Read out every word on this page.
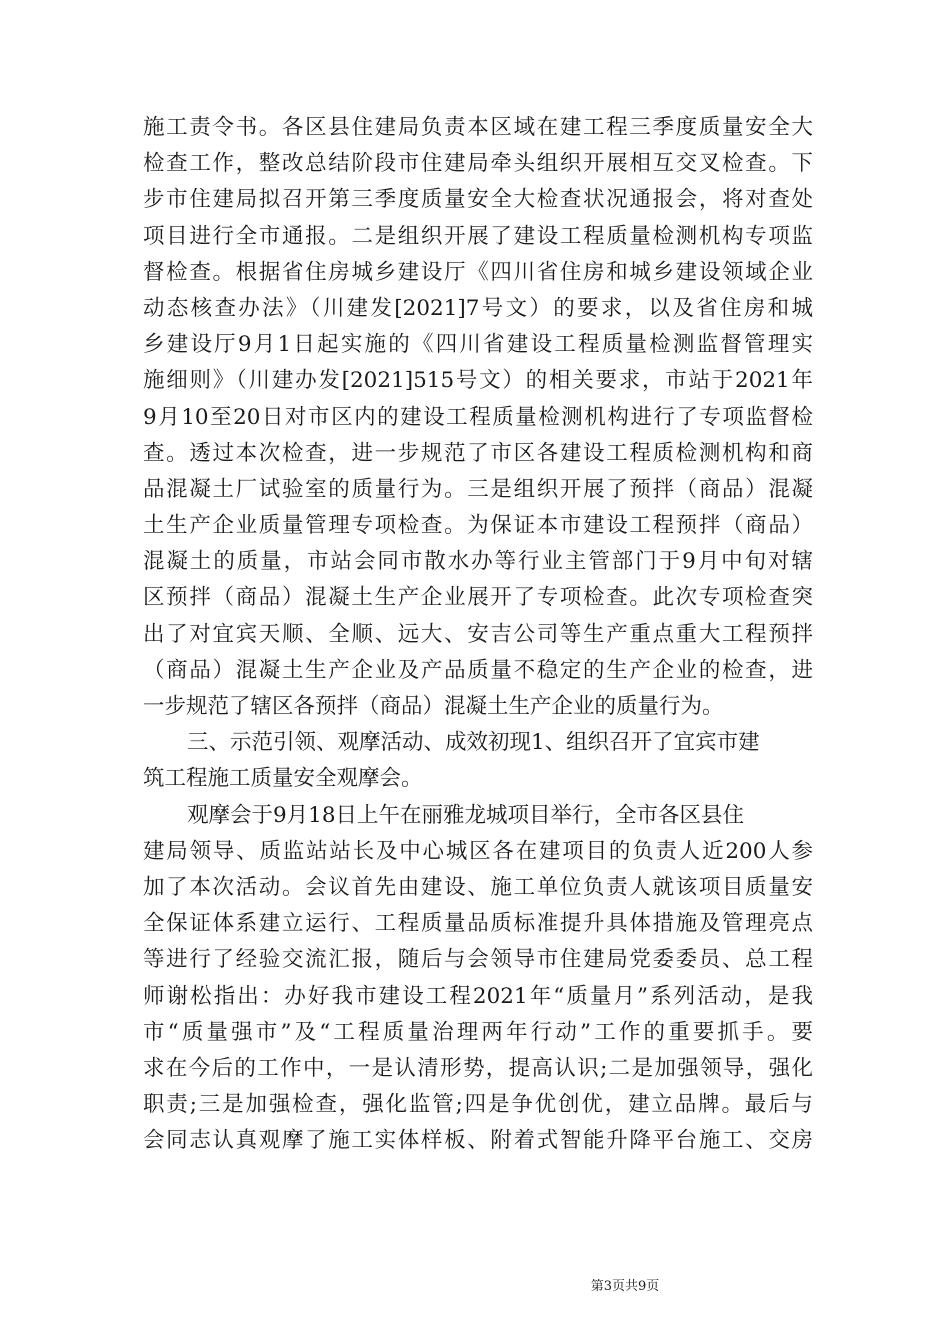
施工责令书。各区县住建局负责本区域在建工程三季度质量安全大
检查工作，整改总结阶段市住建局牵头组织开展相互交叉检查。下
步市住建局拟召开第三季度质量安全大检查状况通报会，将对查处
项目进行全市通报。二是组织开展了建设工程质量检测机构专项监
督检查。根据省住房城乡建设厅《四川省住房和城乡建设领域企业
动态核查办法》（川建发[2021]7号文）的要求，以及省住房和城
乡建设厅9月1日起实施的《四川省建设工程质量检测监督管理实
施细则》（川建办发[2021]515号文）的相关要求，市站于2021年
9月10至20日对市区内的建设工程质量检测机构进行了专项监督检
查。透过本次检查，进一步规范了市区各建设工程质检测机构和商
品混凝土厂试验室的质量行为。三是组织开展了预拌（商品）混凝
土生产企业质量管理专项检查。为保证本市建设工程预拌（商品）
混凝土的质量，市站会同市散水办等行业主管部门于9月中旬对辖
区预拌（商品）混凝土生产企业展开了专项检查。此次专项检查突
出了对宜宾天顺、全顺、远大、安吉公司等生产重点重大工程预拌
（商品）混凝土生产企业及产品质量不稳定的生产企业的检查，进
一步规范了辖区各预拌（商品）混凝土生产企业的质量行为。
三、示范引领、观摩活动、成效初现1、组织召开了宜宾市建
筑工程施工质量安全观摩会。
观摩会于9月18日上午在丽雅龙城项目举行，全市各区县住
建局领导、质监站站长及中心城区各在建项目的负责人近200人参
加了本次活动。会议首先由建设、施工单位负责人就该项目质量安
全保证体系建立运行、工程质量品质标准提升具体措施及管理亮点
等进行了经验交流汇报，随后与会领导市住建局党委委员、总工程
师谢松指出：办好我市建设工程2021年“质量月”系列活动，是我
市“质量强市”及“工程质量治理两年行动”工作的重要抓手。要
求在今后的工作中，一是认清形势，提高认识;二是加强领导，强化
职责;三是加强检查，强化监管;四是争优创优，建立品牌。最后与
会同志认真观摩了施工实体样板、附着式智能升降平台施工、交房
第3页共9页
